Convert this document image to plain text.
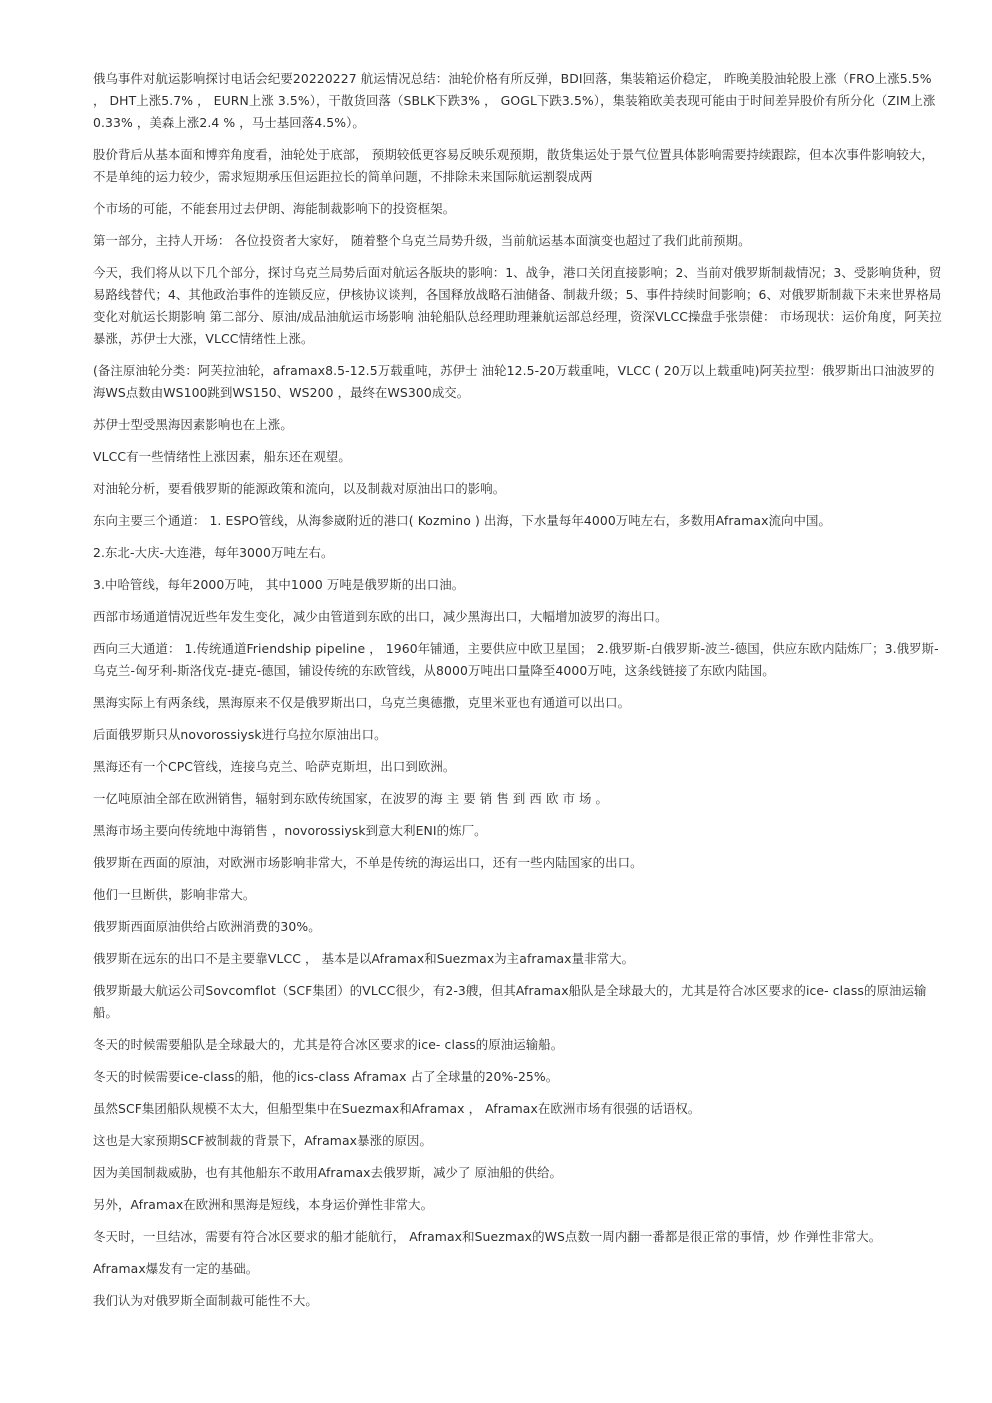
俄乌事件对航运影响探讨电话会纪要20220227 航运情况总结：油轮价格有所反弹，BDI回落，集装箱运价稳定， 昨晚美股油轮股上涨（FRO上涨5.5% ， DHT上涨5.7% ， EURN上涨 3.5%），干散货回落（SBLK下跌3% ， GOGL下跌3.5%），集装箱欧美表现可能由于时间差异股价有所分化（ZIM上涨0.33% ，美森上涨2.4 % ，马士基回落4.5%）。

股价背后从基本面和博弈角度看，油轮处于底部， 预期较低更容易反映乐观预期，散货集运处于景气位置具体影响需要持续跟踪，但本次事件影响较大，不是单纯的运力较少，需求短期承压但运距拉长的简单问题，不排除未来国际航运割裂成两

个市场的可能，不能套用过去伊朗、海能制裁影响下的投资框架。

第一部分，主持人开场： 各位投资者大家好， 随着整个乌克兰局势升级，当前航运基本面演变也超过了我们此前预期。

今天，我们将从以下几个部分，探讨乌克兰局势后面对航运各版块的影响：1、战争，港口关闭直接影响；2、当前对俄罗斯制裁情况；3、受影响货种，贸易路线替代；4、其他政治事件的连锁反应，伊核协议谈判，各国释放战略石油储备、制裁升级；5、事件持续时间影响；6、对俄罗斯制裁下未来世界格局变化对航运长期影响 第二部分、原油/成品油航运市场影响 油轮船队总经理助理兼航运部总经理，资深VLCC操盘手张崇健： 市场现状：运价角度，阿芙拉暴涨，苏伊士大涨，VLCC情绪性上涨。

(备注原油轮分类：阿芙拉油轮，aframax8.5-12.5万载重吨，苏伊士 油轮12.5-20万载重吨，VLCC ( 20万以上载重吨)阿芙拉型：俄罗斯出口油波罗的海WS点数由WS100跳到WS150、WS200 ，最终在WS300成交。

苏伊士型受黑海因素影响也在上涨。

VLCC有一些情绪性上涨因素，船东还在观望。

对油轮分析，要看俄罗斯的能源政策和流向，以及制裁对原油出口的影响。

东向主要三个通道： 1. ESPO管线，从海参崴附近的港口( Kozmino ) 出海，下水量每年4000万吨左右，多数用Aframax流向中国。

2.东北-大庆-大连港，每年3000万吨左右。

3.中哈管线，每年2000万吨， 其中1000 万吨是俄罗斯的出口油。

西部市场通道情况近些年发生变化，减少由管道到东欧的出口，减少黑海出口，大幅增加波罗的海出口。

西向三大通道： 1.传统通道Friendship pipeline ， 1960年铺通，主要供应中欧卫星国； 2.俄罗斯-白俄罗斯-波兰-德国，供应东欧内陆炼厂；3.俄罗斯-乌克兰-匈牙利-斯洛伐克-捷克-德国，铺设传统的东欧管线，从8000万吨出口量降至4000万吨，这条线链接了东欧内陆国。

黑海实际上有两条线，黑海原来不仅是俄罗斯出口，乌克兰奥德撒，克里米亚也有通道可以出口。

后面俄罗斯只从novorossiysk进行乌拉尔原油出口。

黑海还有一个CPC管线，连接乌克兰、哈萨克斯坦，出口到欧洲。

一亿吨原油全部在欧洲销售，辐射到东欧传统国家，在波罗的海 主 要 销 售 到 西 欧 市 场 。

黑海市场主要向传统地中海销售 ，novorossiysk到意大利ENI的炼厂。

俄罗斯在西面的原油，对欧洲市场影响非常大，不单是传统的海运出口，还有一些内陆国家的出口。

他们一旦断供，影响非常大。

俄罗斯西面原油供给占欧洲消费的30%。

俄罗斯在远东的出口不是主要靠VLCC ， 基本是以Aframax和Suezmax为主aframax量非常大。

俄罗斯最大航运公司Sovcomflot（SCF集团）的VLCC很少，有2-3艘，但其Aframax船队是全球最大的，尤其是符合冰区要求的ice- class的原油运输船。

冬天的时候需要船队是全球最大的，尤其是符合冰区要求的ice- class的原油运输船。

冬天的时候需要ice-class的船，他的ics-class Aframax 占了全球量的20%-25%。

虽然SCF集团船队规模不太大，但船型集中在Suezmax和Aframax ， Aframax在欧洲市场有很强的话语权。

这也是大家预期SCF被制裁的背景下，Aframax暴涨的原因。

因为美国制裁威胁，也有其他船东不敢用Aframax去俄罗斯，减少了 原油船的供给。

另外，Aframax在欧洲和黑海是短线，本身运价弹性非常大。

冬天时，一旦结冰，需要有符合冰区要求的船才能航行， Aframax和Suezmax的WS点数一周内翻一番都是很正常的事情，炒 作弹性非常大。

Aframax爆发有一定的基础。

我们认为对俄罗斯全面制裁可能性不大。
